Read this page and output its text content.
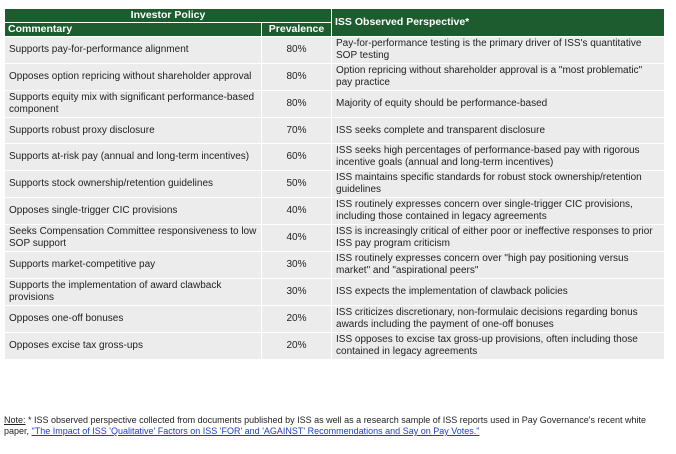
Investor Policy		ISS Observed Perspective*
Commentary	Prevalence	
Supports pay-for-performance alignment	80%	Pay-for-performance testing is the primary driver of ISS's quantitative SOP testing
Opposes option repricing without shareholder approval	80%	Option repricing without shareholder approval is a "most problematic" pay practice
Supports equity mix with significant performance-based component	80%	Majority of equity should be performance-based
Supports robust proxy disclosure	70%	ISS seeks complete and transparent disclosure
Supports at-risk pay (annual and long-term incentives)	60%	ISS seeks high percentages of performance-based pay with rigorous incentive goals (annual and long-term incentives)
Supports stock ownership/retention guidelines	50%	ISS maintains specific standards for robust stock ownership/retention guidelines
Opposes single-trigger CIC provisions	40%	ISS routinely expresses concern over single-trigger CIC provisions, including those contained in legacy agreements
Seeks Compensation Committee responsiveness to low SOP support	40%	ISS is increasingly critical of either poor or ineffective responses to prior ISS pay program criticism
Supports market-competitive pay	30%	ISS routinely expresses concern over "high pay positioning versus market" and "aspirational peers"
Supports the implementation of award clawback provisions	30%	ISS expects the implementation of clawback policies
Opposes one-off bonuses	20%	ISS criticizes discretionary, non-formulaic decisions regarding bonus awards including the payment of one-off bonuses
Opposes excise tax gross-ups	20%	ISS opposes to excise tax gross-up provisions, often including those contained in legacy agreements
Note: * ISS observed perspective collected from documents published by ISS as well as a research sample of ISS reports used in Pay Governance's recent white paper, "The Impact of ISS 'Qualitative' Factors on ISS 'FOR' and 'AGAINST' Recommendations and Say on Pay Votes."
